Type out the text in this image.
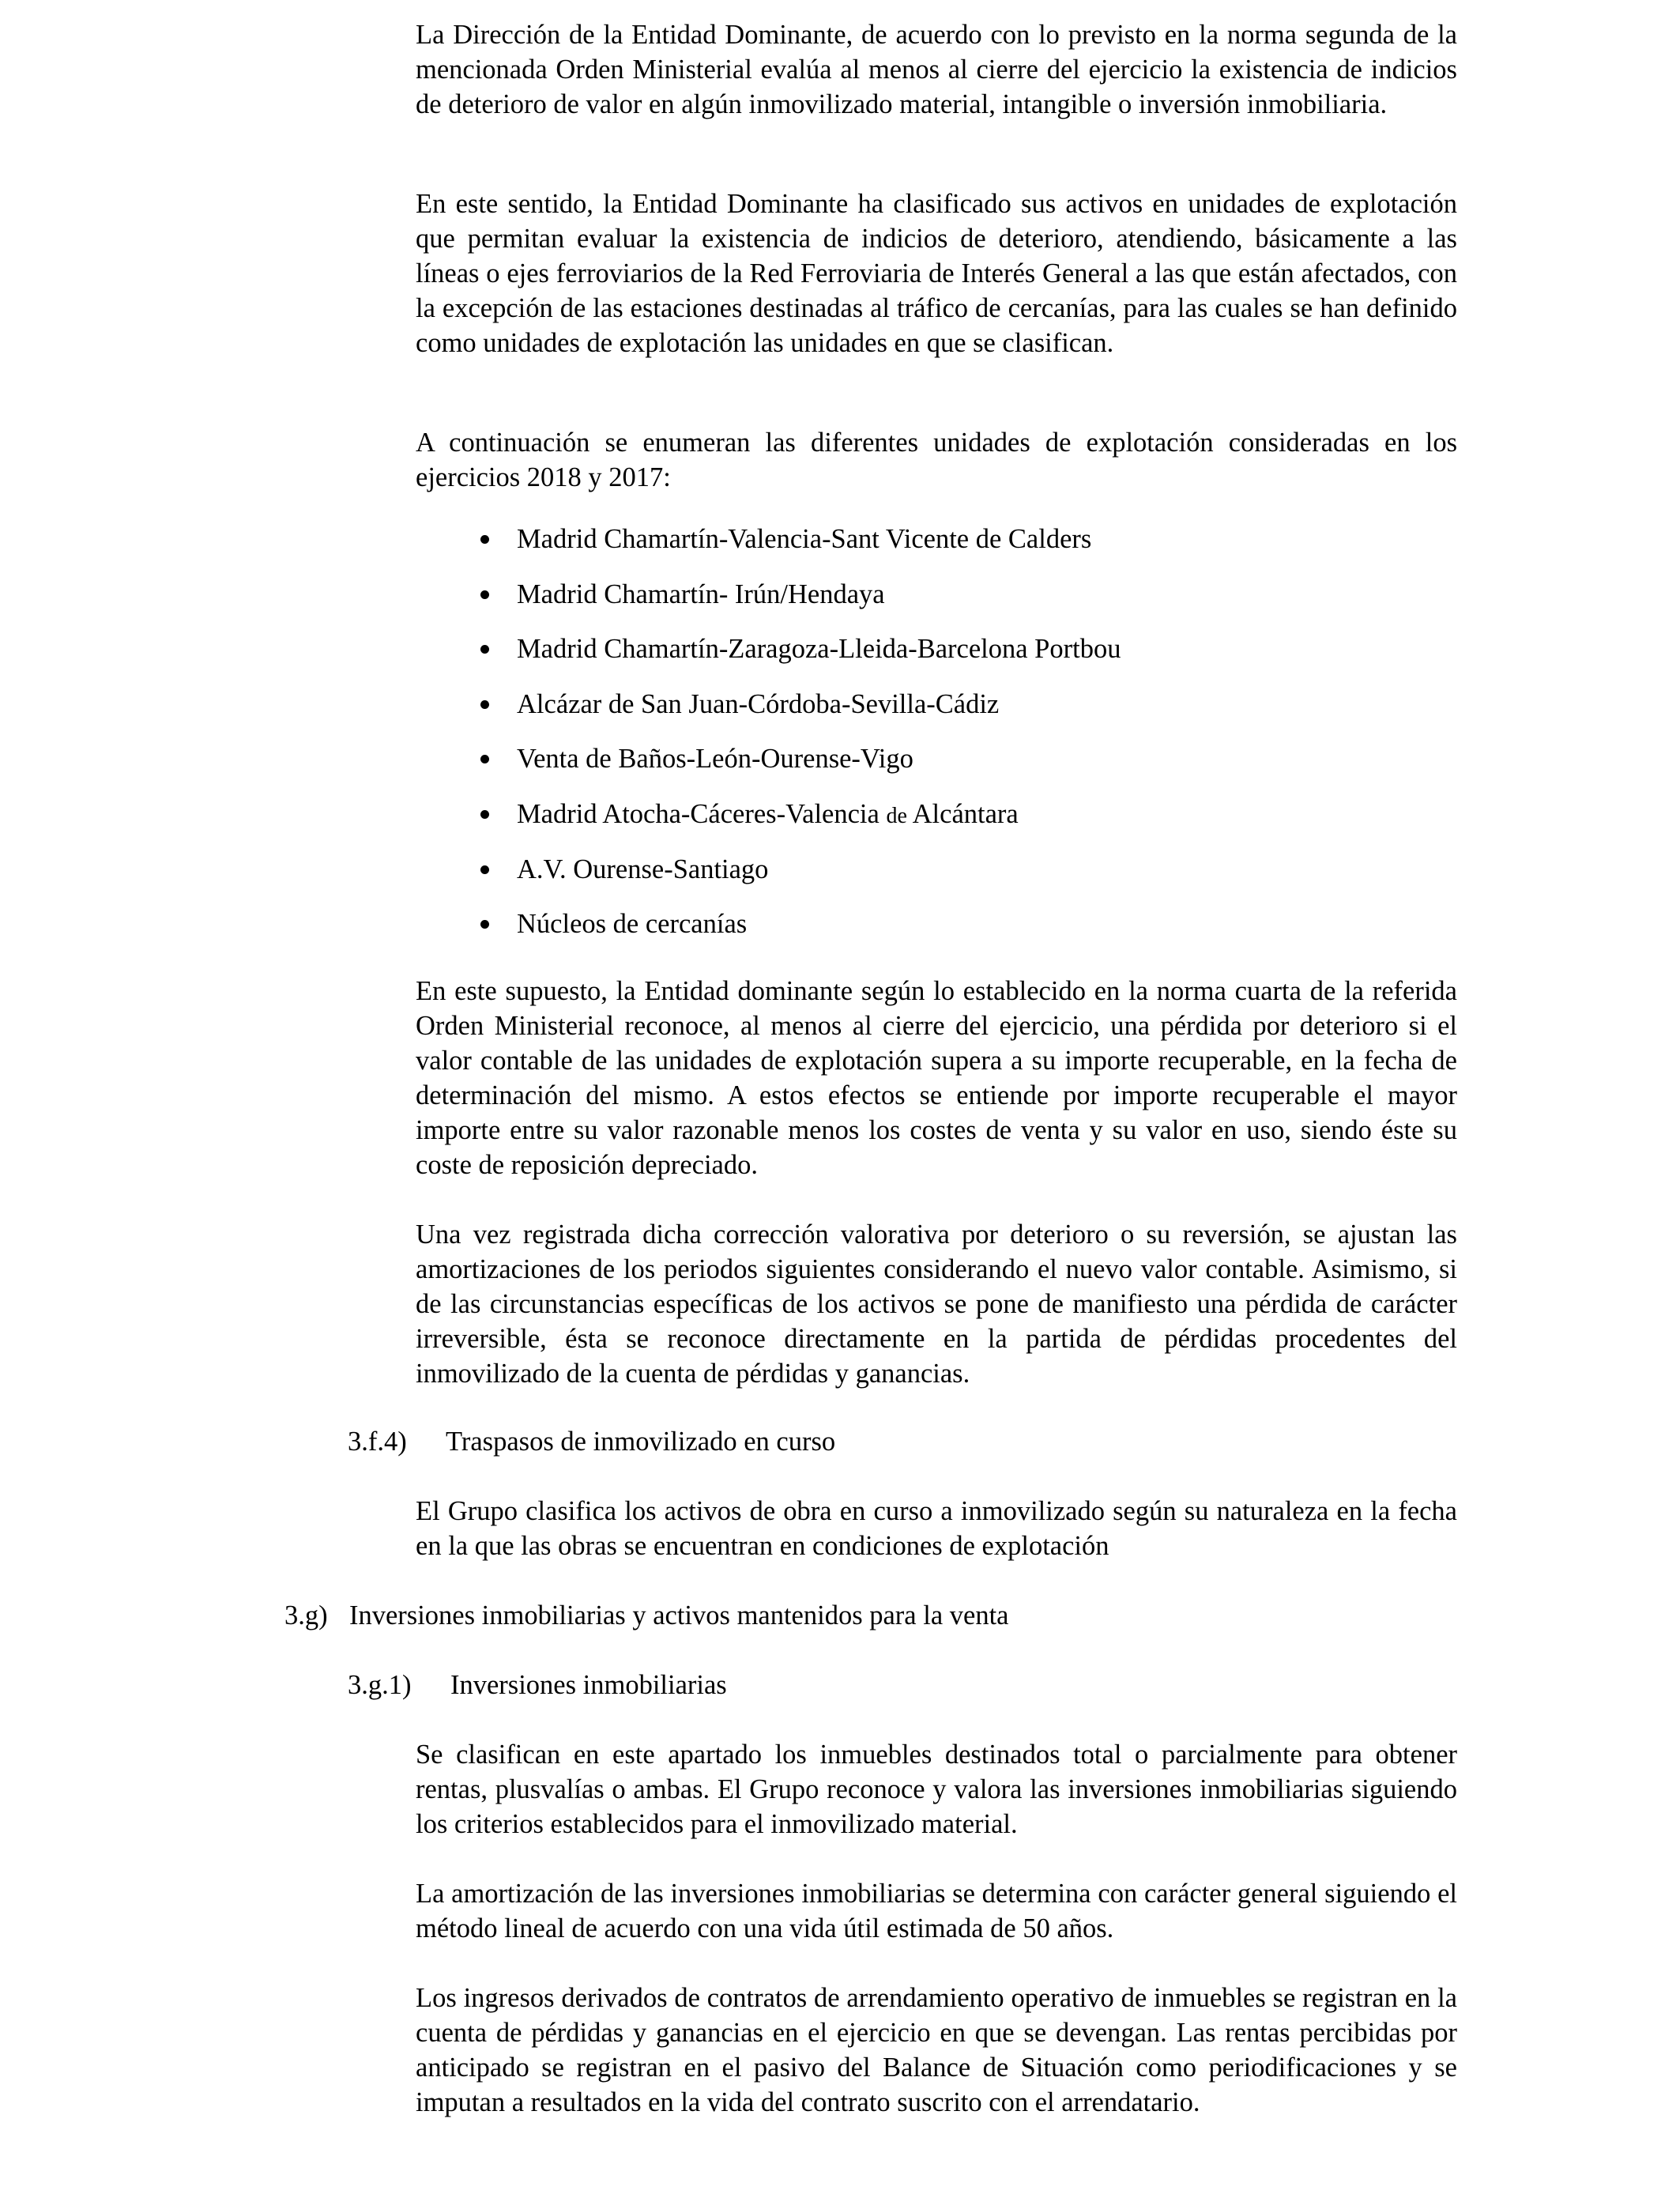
La Dirección de la Entidad Dominante, de acuerdo con lo previsto en la norma segunda de la mencionada Orden Ministerial evalúa al menos al cierre del ejercicio la existencia de indicios de deterioro de valor en algún inmovilizado material, intangible o inversión inmobiliaria.

En este sentido, la Entidad Dominante ha clasificado sus activos en unidades de explotación que permitan evaluar la existencia de indicios de deterioro, atendiendo, básicamente a las líneas o ejes ferroviarios de la Red Ferroviaria de Interés General a las que están afectados, con la excepción de las estaciones destinadas al tráfico de cercanías, para las cuales se han definido como unidades de explotación las unidades en que se clasifican.

A continuación se enumeran las diferentes unidades de explotación consideradas en los ejercicios 2018 y 2017:

Madrid Chamartín-Valencia-Sant Vicente de Calders
Madrid Chamartín- Irún/Hendaya
Madrid Chamartín-Zaragoza-Lleida-Barcelona Portbou
Alcázar de San Juan-Córdoba-Sevilla-Cádiz
Venta de Baños-León-Ourense-Vigo
Madrid Atocha-Cáceres-Valencia de Alcántara
A.V. Ourense-Santiago
Núcleos de cercanías

En este supuesto, la Entidad dominante según lo establecido en la norma cuarta de la referida Orden Ministerial reconoce, al menos al cierre del ejercicio, una pérdida por deterioro si el valor contable de las unidades de explotación supera a su importe recuperable, en la fecha de determinación del mismo. A estos efectos se entiende por importe recuperable el mayor importe entre su valor razonable menos los costes de venta y su valor en uso, siendo éste su coste de reposición depreciado.

Una vez registrada dicha corrección valorativa por deterioro o su reversión, se ajustan las amortizaciones de los periodos siguientes considerando el nuevo valor contable. Asimismo, si de las circunstancias específicas de los activos se pone de manifiesto una pérdida de carácter irreversible, ésta se reconoce directamente en la partida de pérdidas procedentes del inmovilizado de la cuenta de pérdidas y ganancias.

3.f.4) Traspasos de inmovilizado en curso

El Grupo clasifica los activos de obra en curso a inmovilizado según su naturaleza en la fecha en la que las obras se encuentran en condiciones de explotación

3.g) Inversiones inmobiliarias y activos mantenidos para la venta
3.g.1) Inversiones inmobiliarias

Se clasifican en este apartado los inmuebles destinados total o parcialmente para obtener rentas, plusvalías o ambas. El Grupo reconoce y valora las inversiones inmobiliarias siguiendo los criterios establecidos para el inmovilizado material.

La amortización de las inversiones inmobiliarias se determina con carácter general siguiendo el método lineal de acuerdo con una vida útil estimada de 50 años.

Los ingresos derivados de contratos de arrendamiento operativo de inmuebles se registran en la cuenta de pérdidas y ganancias en el ejercicio en que se devengan. Las rentas percibidas por anticipado se registran en el pasivo del Balance de Situación como periodificaciones y se imputan a resultados en la vida del contrato suscrito con el arrendatario.
